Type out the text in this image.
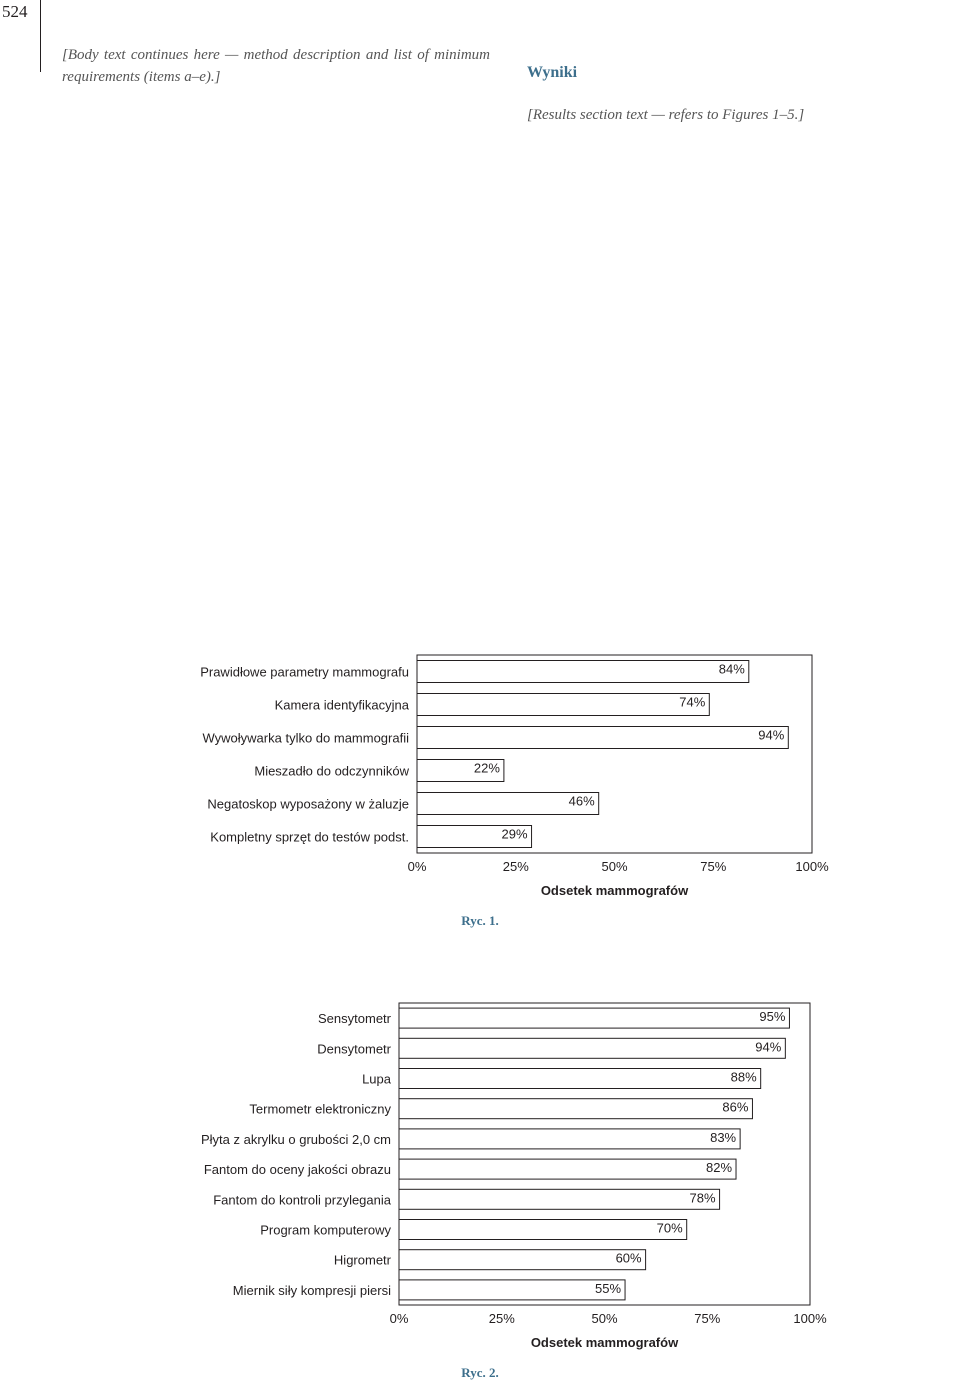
524

[Body text continues here — method description and list of minimum requirements (items a–e).]	Wyniki

[Results section text — refers to Figures 1–5.]

Prawidłowe parametry mammografu	84%
Kamera identyfikacyjna	74%
Wywoływarka tylko do mammografii	94%
Mieszadło do odczynników	22%
Negatoskop wyposażony w żaluzje	46%
Kompletny sprzęt do testów podst.	29%
0%	25%	50%	75%	100%
Odsetek mammografów
Ryc. 1.
Sensytometr	95%
Densytometr	94%
Lupa	88%
Termometr elektroniczny	86%
Płyta z akrylku o grubości 2,0 cm	83%
Fantom do oceny jakości obrazu	82%
Fantom do kontroli przylegania	78%
Program komputerowy	70%
Higrometr	60%
Miernik siły kompresji piersi	55%
0%	25%	50%	75%	100%
Odsetek mammografów
Ryc. 2.
